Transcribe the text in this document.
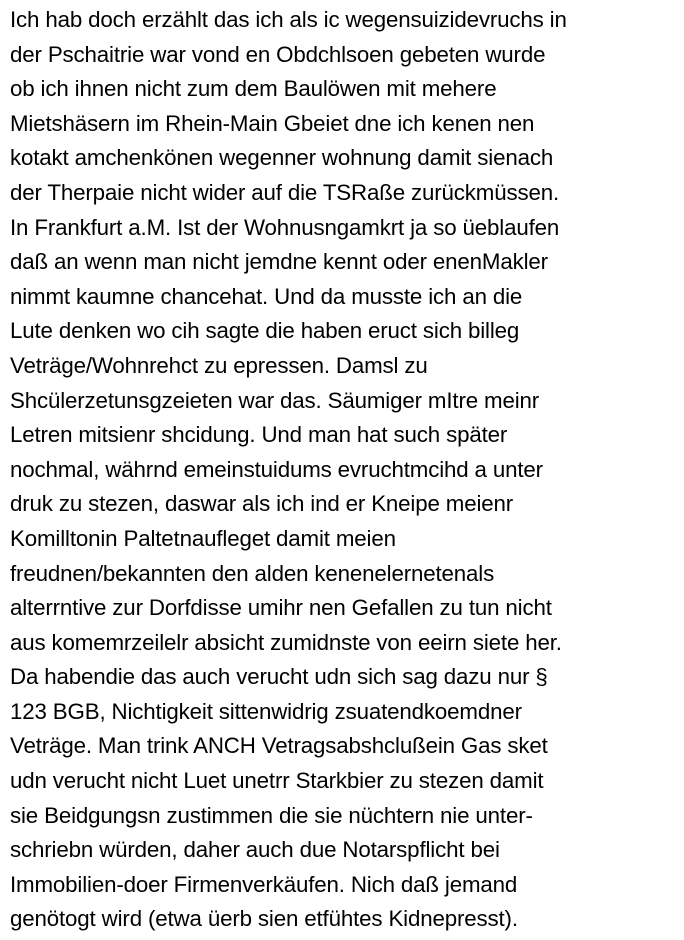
Ich hab doch erzählt das ich als ic wegensuizidevruchs in
der Pschaitrie war vond en Obdchlsoen gebeten wurde
ob ich ihnen nicht zum dem Baulöwen mit mehere
Mietshäsern im Rhein-Main Gbeiet dne ich kenen nen
kotakt amchenkönen wegenner wohnung damit sienach
der Therpaie nicht wider auf die TSRaße zurückmüssen.
In Frankfurt a.M. Ist der Wohnusngamkrt ja so üeblaufen
daß an wenn man nicht jemdne kennt oder enenMakler
nimmt kaumne chancehat. Und da musste ich an die
Lute denken wo cih sagte die haben eruct sich billeg
Veträge/Wohnrehct zu epressen. Damsl zu
Shcülerzetunsgzeieten war das. Säumiger mItre meinr
Letren mitsienr shcidung. Und man hat such später
nochmal, währnd emeinstuidums evruchtmcihd a unter
druk zu stezen, daswar als ich ind er Kneipe meienr
Komilltonin Paltetnaufleget damit meien
freudnen/bekannten den alden kenenelernetenals
alterrntive zur Dorfdisse umihr nen Gefallen zu tun nicht
aus komemrzeilelr absicht zumidnste von eeirn siete her.
Da habendie das auch verucht udn sich sag dazu nur §
123 BGB, Nichtigkeit sittenwidrig zsuatendkoemdner
Veträge. Man trink ANCH Vetragsabshclußein Gas sket
udn verucht nicht Luet unetrr Starkbier zu stezen damit
sie Beidgungsn zustimmen die sie nüchtern nie unter-
schriebn würden, daher auch due Notarspflicht bei
Immobilien-doer Firmenverkäufen. Nich daß jemand
genötogt wird (etwa üerb sien etfühtes Kidnepresst).
